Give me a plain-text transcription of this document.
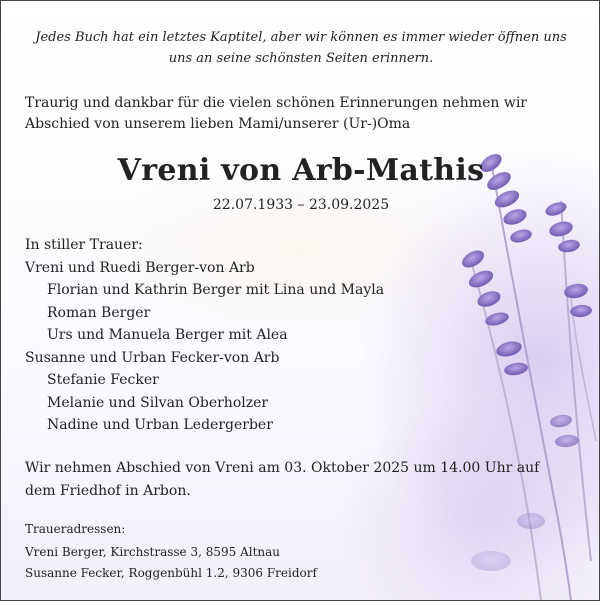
Jedes Buch hat ein letztes Kaptitel, aber wir können es immer wieder öffnen uns uns an seine schönsten Seiten erinnern.
Traurig und dankbar für die vielen schönen Erinnerungen nehmen wir Abschied von unserem lieben Mami/unserer (Ur-)Oma
Vreni von Arb-Mathis
22.07.1933 – 23.09.2025
In stiller Trauer:
Vreni und Ruedi Berger-von Arb
Florian und Kathrin Berger mit Lina und Mayla
Roman Berger
Urs und Manuela Berger mit Alea
Susanne und Urban Fecker-von Arb
Stefanie Fecker
Melanie und Silvan Oberholzer
Nadine und Urban Ledergerber
Wir nehmen Abschied von Vreni am 03. Oktober 2025 um 14.00 Uhr auf dem Friedhof in Arbon.
Traueradressen:
Vreni Berger, Kirchstrasse 3, 8595 Altnau
Susanne Fecker, Roggenbühl 1.2, 9306 Freidorf
